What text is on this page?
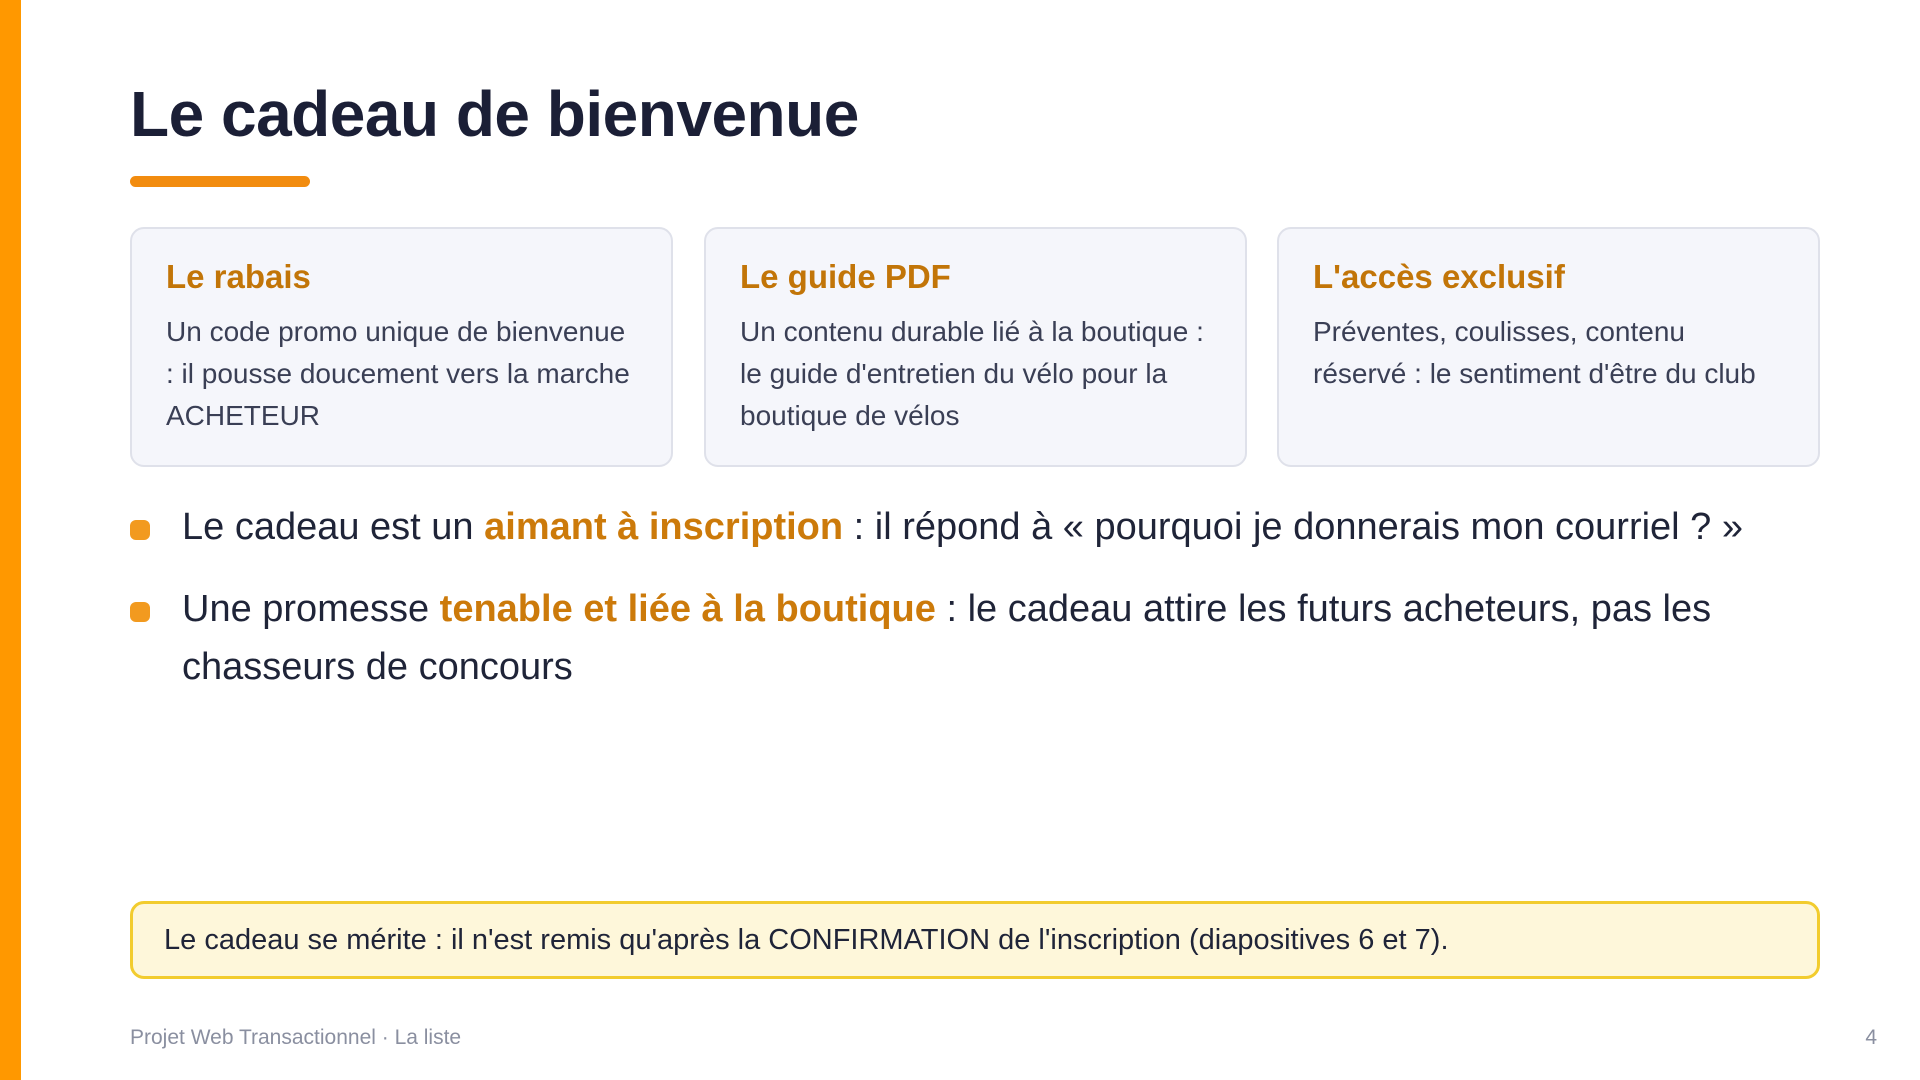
Le cadeau de bienvenue
Le rabais
Un code promo unique de bienvenue : il pousse doucement vers la marche ACHETEUR
Le guide PDF
Un contenu durable lié à la boutique : le guide d'entretien du vélo pour la boutique de vélos
L'accès exclusif
Préventes, coulisses, contenu réservé : le sentiment d'être du club
Le cadeau est un aimant à inscription : il répond à « pourquoi je donnerais mon courriel ? »
Une promesse tenable et liée à la boutique : le cadeau attire les futurs acheteurs, pas les chasseurs de concours
Le cadeau se mérite : il n'est remis qu'après la CONFIRMATION de l'inscription (diapositives 6 et 7).
Projet Web Transactionnel · La liste	4
